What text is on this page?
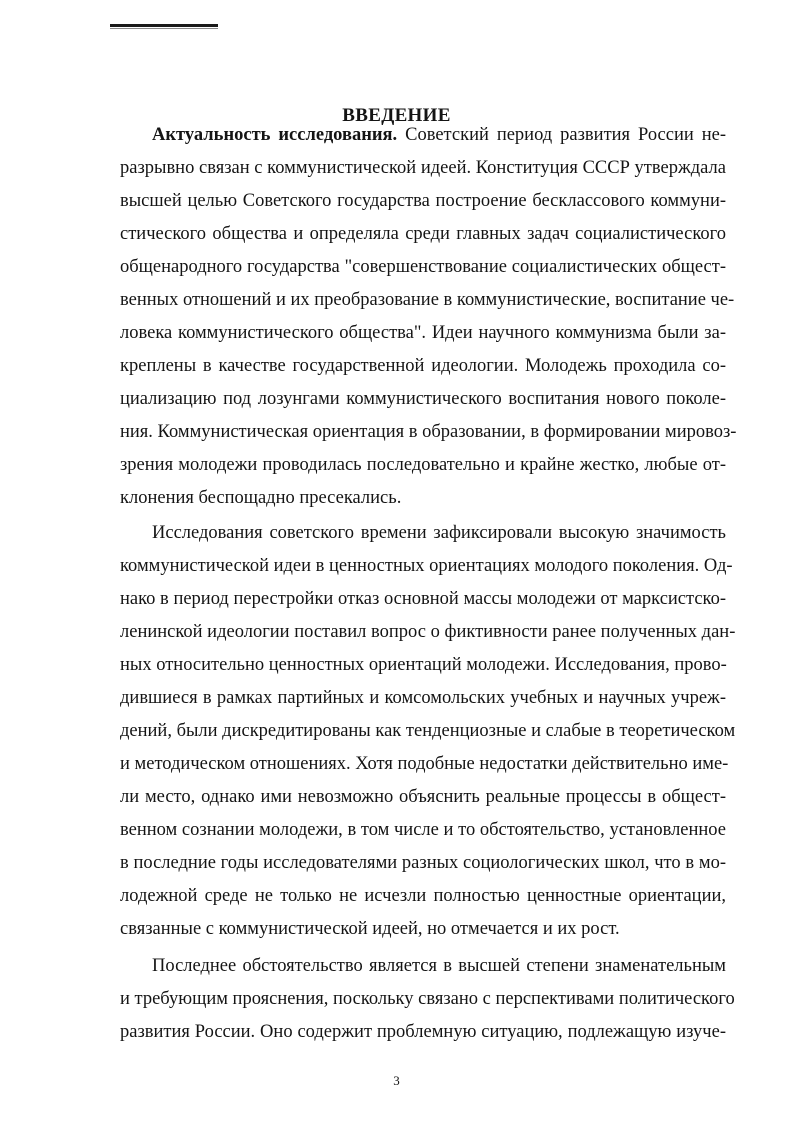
ВВЕДЕНИЕ
Актуальность исследования. Советский период развития России не-
разрывно связан с коммунистической идеей. Конституция СССР утверждала
высшей целью Советского государства построение бесклассового коммуни-
стического общества и определяла среди главных задач социалистического
общенародного государства "совершенствование социалистических общест-
венных отношений и их преобразование в коммунистические, воспитание че-
ловека коммунистического общества". Идеи научного коммунизма были за-
креплены в качестве государственной идеологии. Молодежь проходила со-
циализацию под лозунгами коммунистического воспитания нового поколе-
ния. Коммунистическая ориентация в образовании, в формировании мировоз-
зрения молодежи проводилась последовательно и крайне жестко, любые от-
клонения беспощадно пресекались.
Исследования советского времени зафиксировали высокую значимость
коммунистической идеи в ценностных ориентациях молодого поколения. Од-
нако в период перестройки отказ основной массы молодежи от марксистско-
ленинской идеологии поставил вопрос о фиктивности ранее полученных дан-
ных относительно ценностных ориентаций молодежи. Исследования, прово-
дившиеся в рамках партийных и комсомольских учебных и научных учреж-
дений, были дискредитированы как тенденциозные и слабые в теоретическом
и методическом отношениях. Хотя подобные недостатки действительно име-
ли место, однако ими невозможно объяснить реальные процессы в общест-
венном сознании молодежи, в том числе и то обстоятельство, установленное
в последние годы исследователями разных социологических школ, что в мо-
лодежной среде не только не исчезли полностью ценностные ориентации,
связанные с коммунистической идеей, но отмечается и их рост.
Последнее обстоятельство является в высшей степени знаменательным
и требующим прояснения, поскольку связано с перспективами политического
развития России. Оно содержит проблемную ситуацию, подлежащую изуче-
3
